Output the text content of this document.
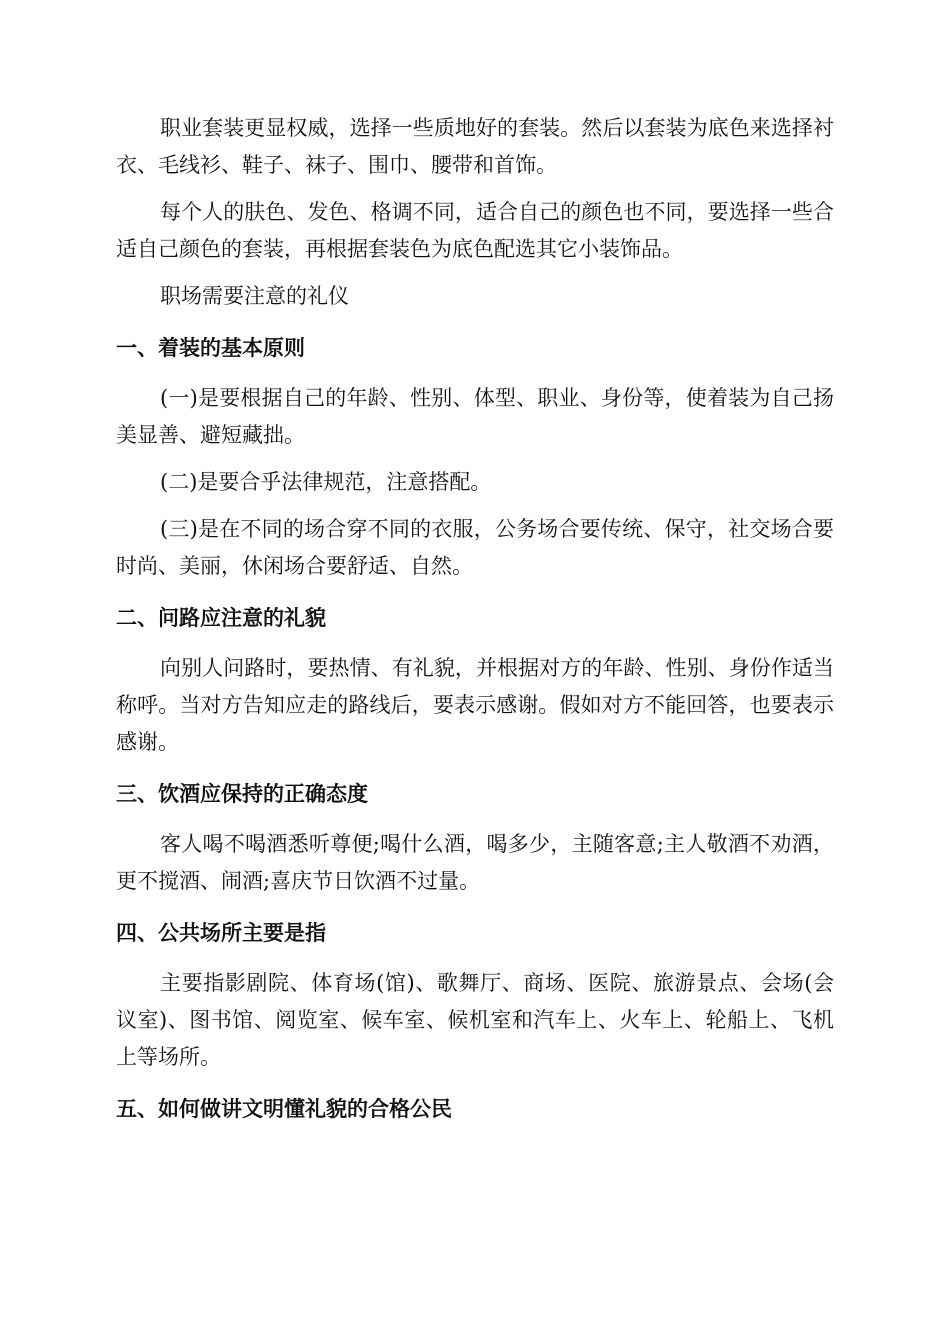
职业套装更显权威，选择一些质地好的套装。然后以套装为底色来选择衬衣、毛线衫、鞋子、袜子、围巾、腰带和首饰。

每个人的肤色、发色、格调不同，适合自己的颜色也不同，要选择一些合适自己颜色的套装，再根据套装色为底色配选其它小装饰品。

职场需要注意的礼仪

一、着装的基本原则

(一)是要根据自己的年龄、性别、体型、职业、身份等，使着装为自己扬美显善、避短藏拙。

(二)是要合乎法律规范，注意搭配。

(三)是在不同的场合穿不同的衣服，公务场合要传统、保守，社交场合要时尚、美丽，休闲场合要舒适、自然。

二、问路应注意的礼貌

向别人问路时，要热情、有礼貌，并根据对方的年龄、性别、身份作适当称呼。当对方告知应走的路线后，要表示感谢。假如对方不能回答，也要表示感谢。

三、饮酒应保持的正确态度

客人喝不喝酒悉听尊便;喝什么酒，喝多少，主随客意;主人敬酒不劝酒，更不搅酒、闹酒;喜庆节日饮酒不过量。

四、公共场所主要是指

主要指影剧院、体育场(馆)、歌舞厅、商场、医院、旅游景点、会场(会议室)、图书馆、阅览室、候车室、候机室和汽车上、火车上、轮船上、飞机上等场所。

五、如何做讲文明懂礼貌的合格公民
